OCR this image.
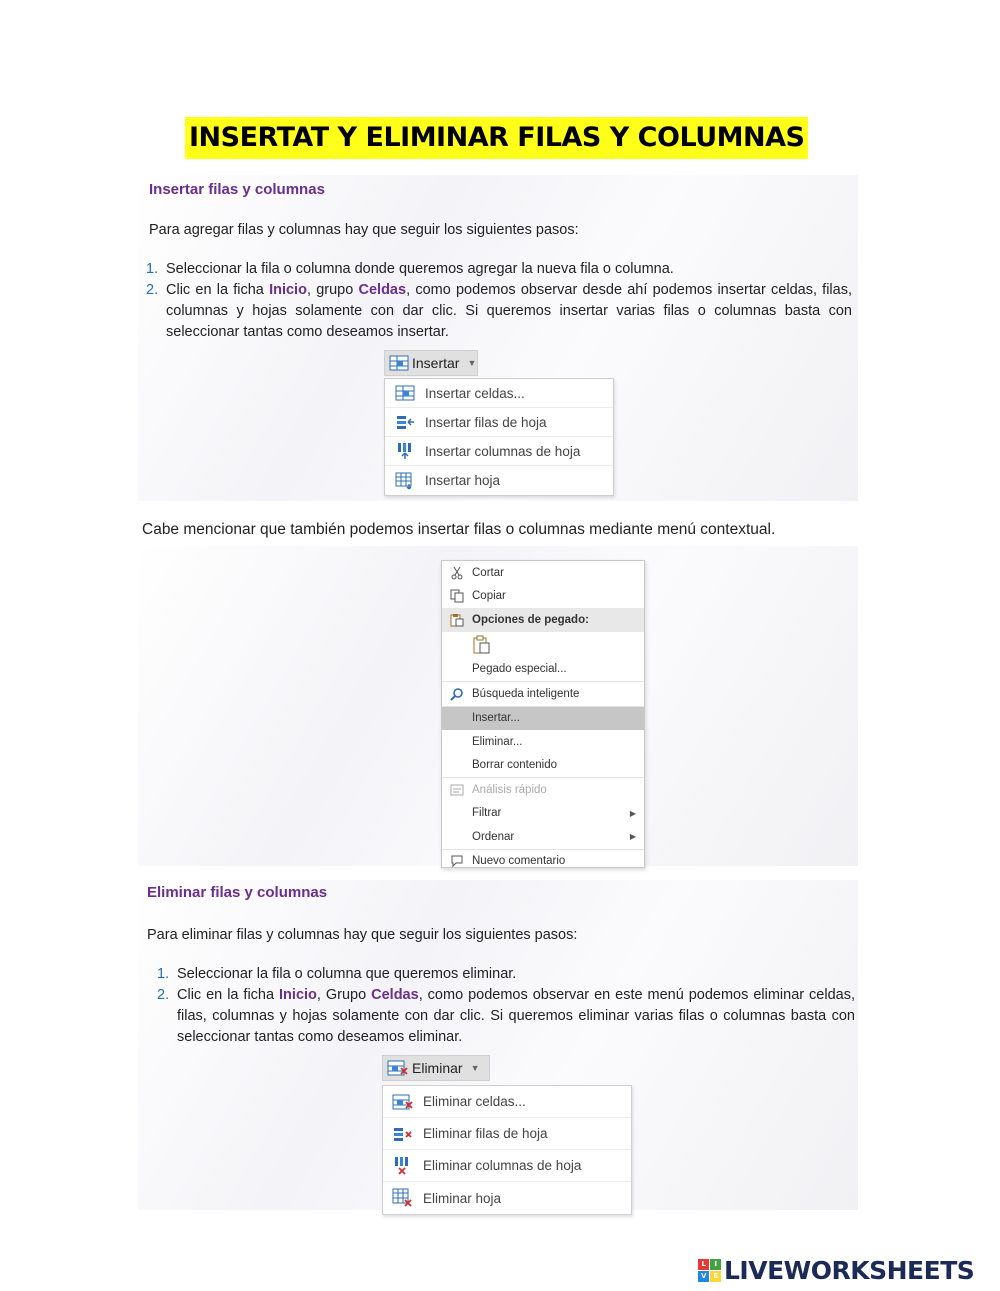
INSERTAT Y ELIMINAR FILAS Y COLUMNAS
Insertar filas y columnas
Para agregar filas y columnas hay que seguir los siguientes pasos:
1. Seleccionar la fila o columna donde queremos agregar la nueva fila o columna.
2. Clic en la ficha Inicio, grupo Celdas, como podemos observar desde ahí podemos insertar celdas, filas, columnas y hojas solamente con dar clic. Si queremos insertar varias filas o columnas basta con seleccionar tantas como deseamos insertar.
Insertar ▼
Insertar celdas...
Insertar filas de hoja
Insertar columnas de hoja
Insertar hoja
Cabe mencionar que también podemos insertar filas o columnas mediante menú contextual.
Cortar
Copiar
Opciones de pegado:
Pegado especial...
Búsqueda inteligente
Insertar...
Eliminar...
Borrar contenido
Análisis rápido
Filtrar	▶
Ordenar	▶
Nuevo comentario
Eliminar filas y columnas
Para eliminar filas y columnas hay que seguir los siguientes pasos:
1. Seleccionar la fila o columna que queremos eliminar.
2. Clic en la ficha Inicio, Grupo Celdas, como podemos observar en este menú podemos eliminar celdas, filas, columnas y hojas solamente con dar clic. Si queremos eliminar varias filas o columnas basta con seleccionar tantas como deseamos eliminar.
Eliminar ▼
Eliminar celdas...
Eliminar filas de hoja
Eliminar columnas de hoja
Eliminar hoja
L	I
V	E LIVEWORKSHEETS
